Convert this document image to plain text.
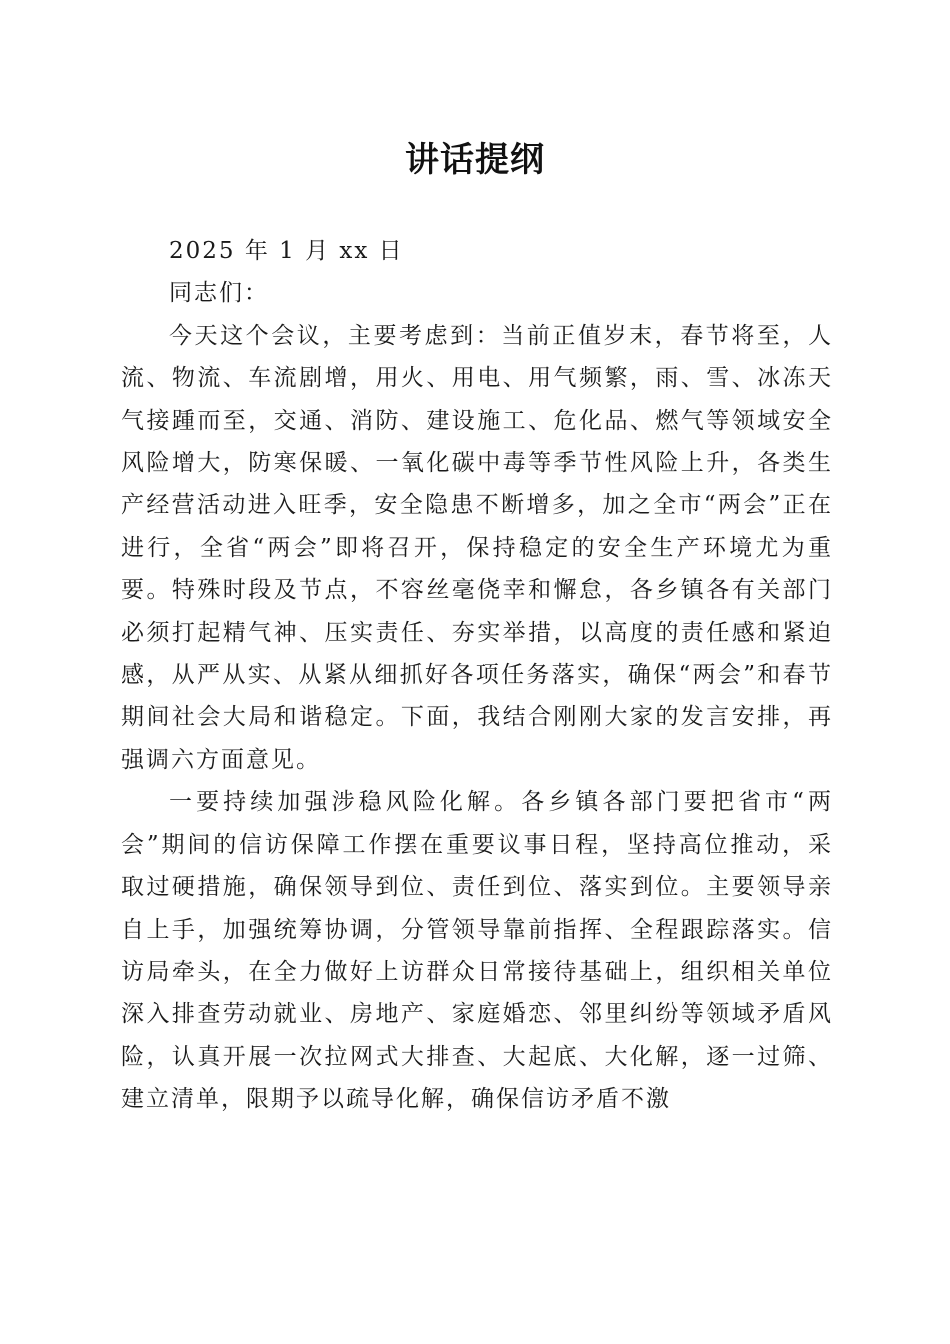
讲话提纲

2025 年 1 月 xx 日

同志们：

今天这个会议，主要考虑到：当前正值岁末，春节将至，人流、物流、车流剧增，用火、用电、用气频繁，雨、雪、冰冻天气接踵而至，交通、消防、建设施工、危化品、燃气等领域安全风险增大，防寒保暖、一氧化碳中毒等季节性风险上升，各类生产经营活动进入旺季，安全隐患不断增多，加之全市“两会”正在进行，全省“两会”即将召开，保持稳定的安全生产环境尤为重要。特殊时段及节点，不容丝毫侥幸和懈怠，各乡镇各有关部门必须打起精气神、压实责任、夯实举措，以高度的责任感和紧迫感，从严从实、从紧从细抓好各项任务落实，确保“两会”和春节期间社会大局和谐稳定。下面，我结合刚刚大家的发言安排，再强调六方面意见。

一要持续加强涉稳风险化解。各乡镇各部门要把省市“两会”期间的信访保障工作摆在重要议事日程，坚持高位推动，采取过硬措施，确保领导到位、责任到位、落实到位。主要领导亲自上手，加强统筹协调，分管领导靠前指挥、全程跟踪落实。信访局牵头，在全力做好上访群众日常接待基础上，组织相关单位深入排查劳动就业、房地产、家庭婚恋、邻里纠纷等领域矛盾风险，认真开展一次拉网式大排查、大起底、大化解，逐一过筛、建立清单，限期予以疏导化解，确保信访矛盾不激
